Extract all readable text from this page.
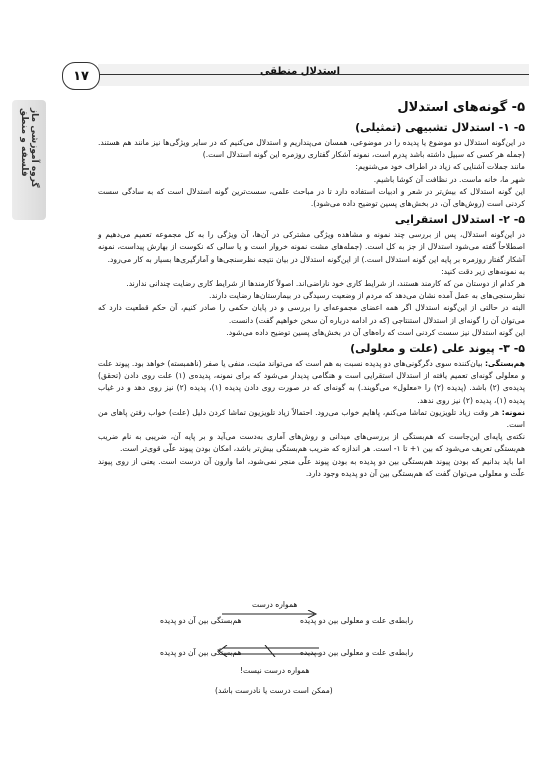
۱۷	استدلال منطقی
گروه آموزشی ماز فلسفه و منطق
۵- گونه‌های استدلال
۵- ۱- استدلال تشبیهی (تمثیلی)

در این‌گونه استدلال دو موضوع یا پدیده را در موضوعی، همسان می‌پنداریم و استدلال می‌کنیم که در سایر ویژگی‌ها نیز مانند هم هستند. (جمله هر کسی که سبیل داشته باشد پدرم است، نمونه آشکار گفتاری روزمره این گونه استدلال است.)

مانند جملات آشنایی که زیاد در اطراف خود می‌شنویم:

شهر ما، خانه ماست. در نظافت آن کوشا باشیم.

این گونه استدلال که بیش‌تر در شعر و ادبیات استفاده دارد تا در مباحث علمی، سست‌ترین گونه استدلال است که به سادگی سست کردنی است (روش‌های آن، در بخش‌های پسین توضیح داده می‌شود).

۵- ۲- استدلال استقرایی

در این‌گونه استدلال، پس از بررسی چند نمونه و مشاهده ویژگی مشترکی در آن‌ها، آن ویژگی را به کل مجموعه تعمیم می‌دهیم و اصطلاحاً گفته می‌شود استدلال از جز به کل است. (جمله‌های مشت نمونه خروار است و یا سالی که نکوست از بهارش پیداست، نمونه آشکار گفتار روزمره بر پایه این گونه استدلال است.) از این‌گونه استدلال در بیان نتیجه نظرسنجی‌ها و آمارگیری‌ها بسیار به کار می‌رود.

به نمونه‌های زیر دقت کنید:

هر کدام از دوستان من که کارمند هستند، از شرایط کاری خود ناراضی‌اند. اصولاً کارمندها از شرایط کاری رضایت چندانی ندارند.

نظرسنجی‌های به عمل آمده نشان می‌دهد که مردم از وضعیت رسیدگی در بیمارستان‌ها رضایت دارند.

البته در حالتی از این‌گونه استدلال اگر همه اعضای مجموعه‌ای را بررسی و در پایان حکمی را صادر کنیم، آن حکم قطعیت دارد که می‌توان آن را گونه‌ای از استدلال استنتاجی (که در ادامه درباره آن سخن خواهیم گفت) دانست.

این گونه استدلال نیز سست کردنی است که راه‌های آن در بخش‌های پسین توضیح داده می‌شود.

۵- ۳- پیوند علی (علت و معلولی)

هم‌بستگی: بیان‌کننده سوی دگرگونی‌های دو پدیده نسبت به هم است که می‌تواند مثبت، منفی یا صفر (ناهمبسته) خواهد بود. پیوند علت و معلولی گونه‌ای تعمیم یافته از استدلال استقرایی است و هنگامی پدیدار می‌شود که برای نمونه، پدیده‌ی (۱) علت روی دادن (تحقق) پدیده‌ی (۲) باشد. (پدیده (۲) را «معلول» می‌گویند.) به گونه‌ای که در صورت روی دادن پدیده (۱)، پدیده (۲) نیز روی دهد و در غیاب پدیده (۱)، پدیده (۲) نیز روی ندهد.

نمونه: هر وقت زیاد تلویزیون تماشا می‌کنم، پاهایم خواب می‌رود. احتمالاً زیاد تلویزیون تماشا کردن دلیل (علت) خواب رفتن پاهای من است.

نکته‌ی پایه‌ای این‌جاست که هم‌بستگی از بررسی‌های میدانی و روش‌های آماری به‌دست می‌آید و بر پایه آن، ضریبی به نام ضریب هم‌بستگی تعریف می‌شود که بین ۱+ تا ۱- است. هر اندازه که ضریب هم‌بستگی بیش‌تر باشد، امکان بودن پیوند علّی قوی‌تر است.

اما باید بدانیم که بودن پیوند هم‌بستگی بین دو پدیده به بودن پیوند علّی منجر نمی‌شود، اما وارون آن درست است. یعنی از روی پیوند علّت و معلولی می‌توان گفت که هم‌بستگی بین آن دو پدیده وجود دارد.

همواره درست
رابطه‌ی علت و معلولی بین دو پدیده
هم‌بستگی بین آن دو پدیده
رابطه‌ی علت و معلولی بین دو پدیده
هم‌بستگی بین آن دو پدیده
همواره درست نیست!
(ممکن است درست یا نادرست باشد)
